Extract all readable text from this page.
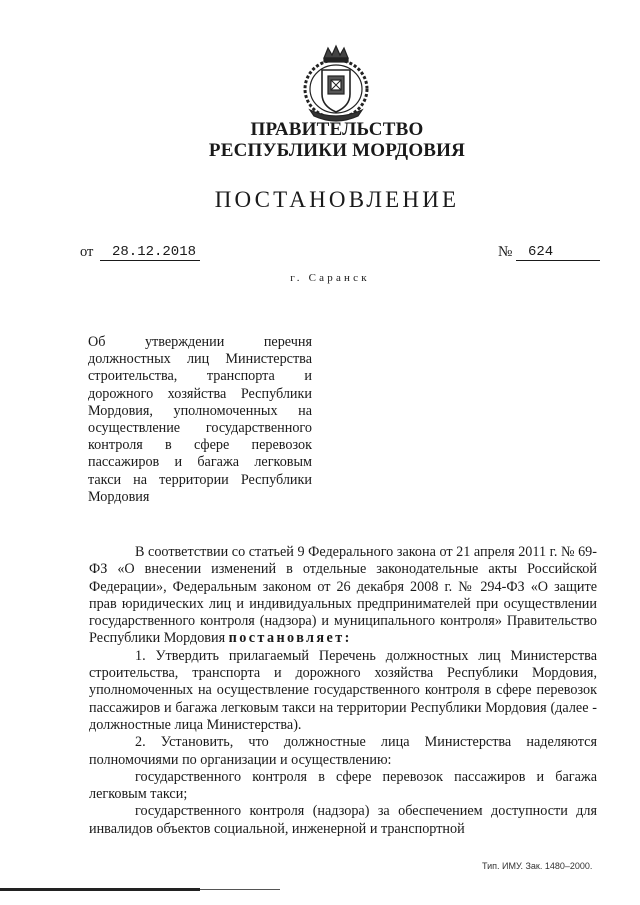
ПРАВИТЕЛЬСТВО
РЕСПУБЛИКИ МОРДОВИЯ
ПОСТАНОВЛЕНИЕ
от	28.12.2018	№	624
г. Саранск
Об утверждении перечня должностных лиц Министерства строительства, транспорта и дорожного хозяйства Республики Мордовия, уполномоченных на осуществление государственного контроля в сфере перевозок пассажиров и багажа легковым такси на территории Республики Мордовия

В соответствии со статьей 9 Федерального закона от 21 апреля 2011 г. № 69-ФЗ «О внесении изменений в отдельные законодательные акты Российской Федерации», Федеральным законом от 26 декабря 2008 г. № 294-ФЗ «О защите прав юридических лиц и индивидуальных предпринимателей при осуществлении государственного контроля (надзора) и муниципального контроля» Правительство Республики Мордовия постановляет:

1. Утвердить прилагаемый Перечень должностных лиц Министерства строительства, транспорта и дорожного хозяйства Республики Мордовия, уполномоченных на осуществление государственного контроля в сфере перевозок пассажиров и багажа легковым такси на территории Республики Мордовия (далее - должностные лица Министерства).

2. Установить, что должностные лица Министерства наделяются полномочиями по организации и осуществлению:

государственного контроля в сфере перевозок пассажиров и багажа легковым такси;

государственного контроля (надзора) за обеспечением доступности для инвалидов объектов социальной, инженерной и транспортной

Тип. ИМУ. Зак. 1480–2000.
